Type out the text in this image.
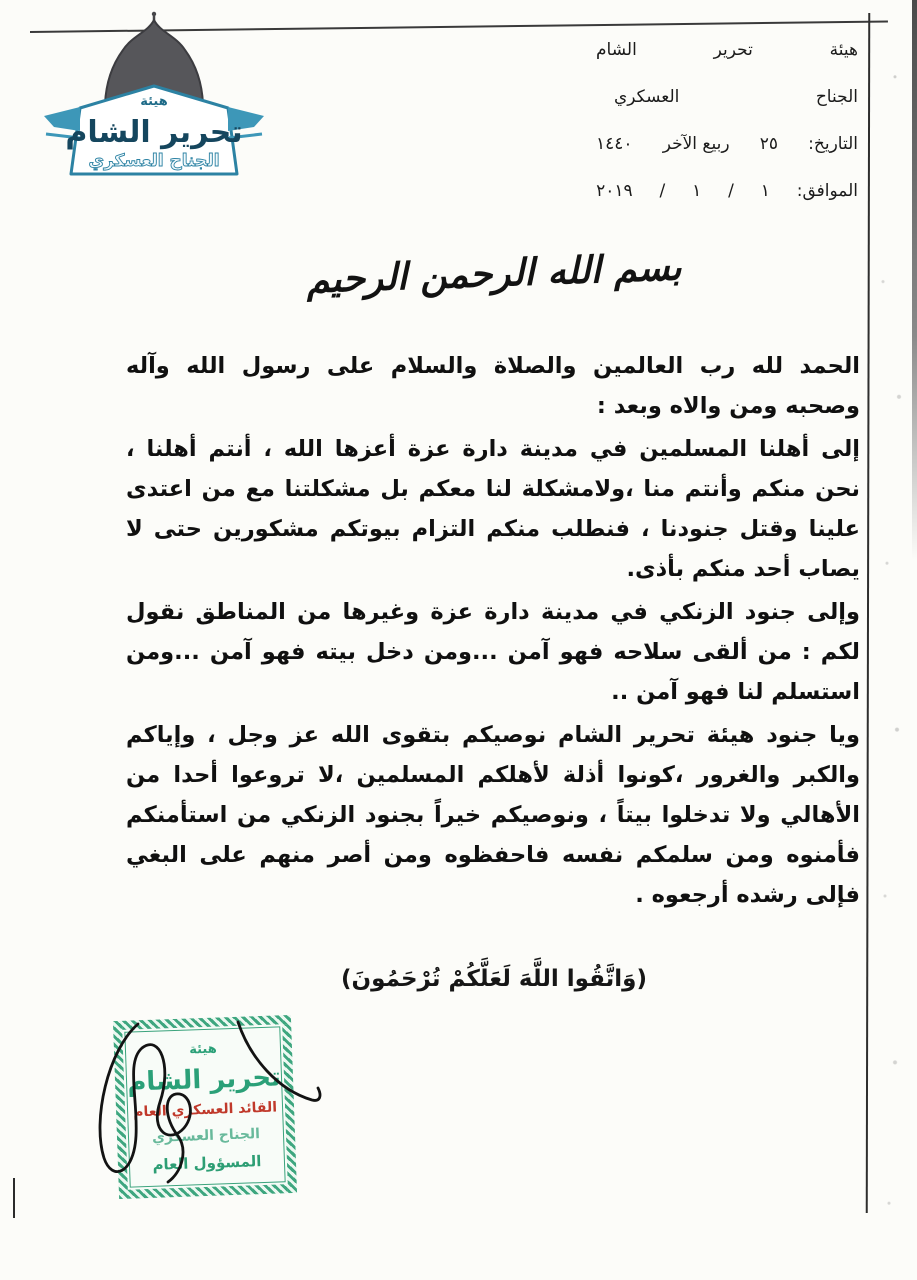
هيئة
تحرير الشام
الجناح العسكري
هيئة
تحرير
الشام
الجناح
العسكري
التاريخ:
٢٥
ربيع الآخر
١٤٤٠
الموافق:
١
/
١
/
٢٠١٩
بسم الله الرحمن الرحيم

الحمد لله رب العالمين والصلاة والسلام على رسول الله وآله وصحبه ومن والاه وبعد :

إلى أهلنا المسلمين في مدينة دارة عزة أعزها الله ، أنتم أهلنا ، نحن منكم وأنتم منا ،ولامشكلة لنا معكم بل مشكلتنا مع من اعتدى علينا وقتل جنودنا ، فنطلب منكم التزام بيوتكم مشكورين حتى لا يصاب أحد منكم بأذى.

وإلى جنود الزنكي في مدينة دارة عزة وغيرها من المناطق نقول لكم : من ألقى سلاحه فهو آمن ...ومن دخل بيته فهو آمن ...ومن استسلم لنا فهو آمن ..

ويا جنود هيئة تحرير الشام نوصيكم بتقوى الله عز وجل ، وإياكم والكبر والغرور ،كونوا أذلة لأهلكم المسلمين ،لا تروعوا أحدا من الأهالي ولا تدخلوا بيتاً ، ونوصيكم خيراً بجنود الزنكي من استأمنكم فأمنوه ومن سلمكم نفسه فاحفظوه ومن أصر منهم على البغي فإلى رشده أرجعوه .

(وَاتَّقُوا اللَّهَ لَعَلَّكُمْ تُرْحَمُونَ)
هيئة
تحرير الشام
القائد العسكري العام
الجناح العسكري
المسؤول العام
